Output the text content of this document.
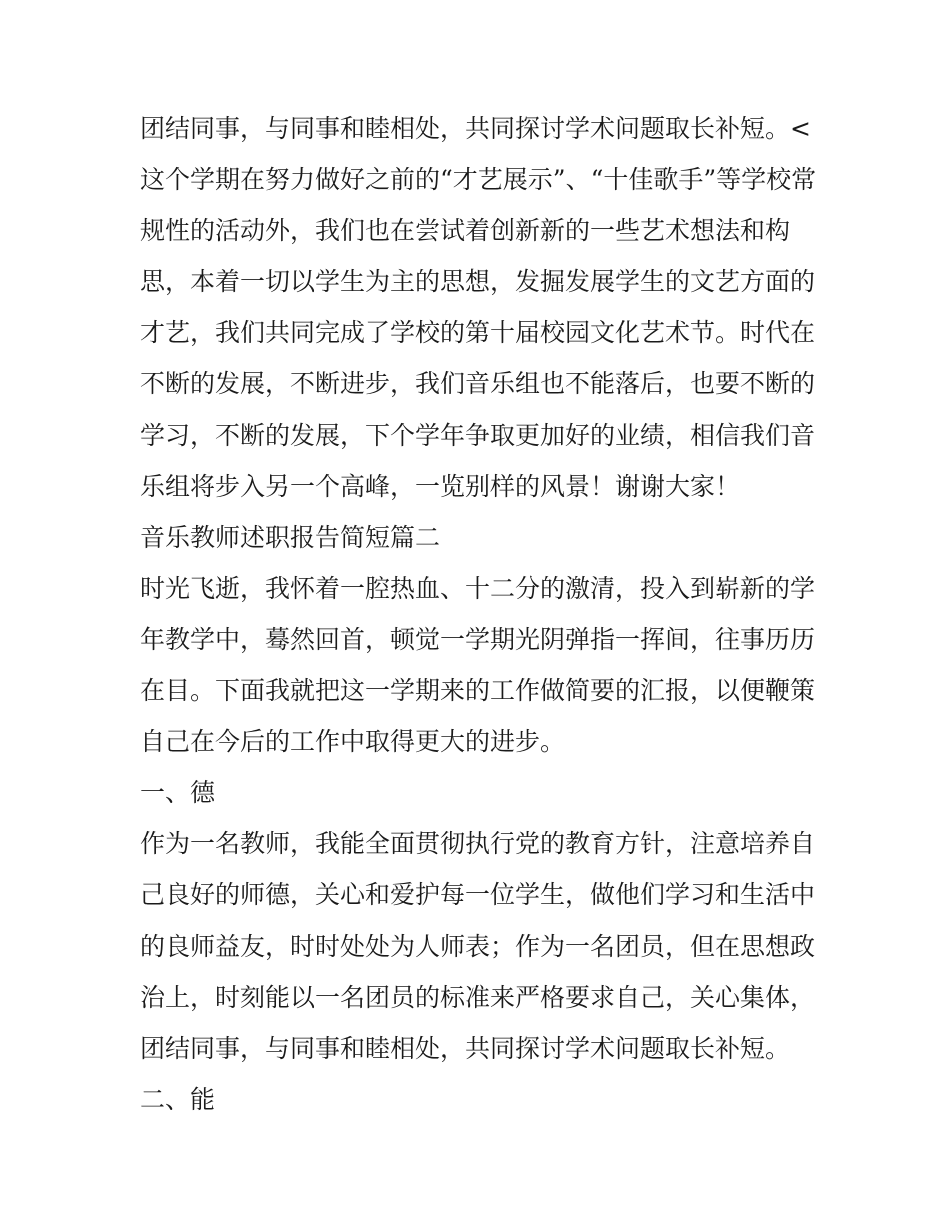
团结同事，与同事和睦相处，共同探讨学术问题取长补短。<
这个学期在努力做好之前的“才艺展示”、“十佳歌手”等学校常
规性的活动外，我们也在尝试着创新新的一些艺术想法和构
思，本着一切以学生为主的思想，发掘发展学生的文艺方面的
才艺，我们共同完成了学校的第十届校园文化艺术节。时代在
不断的发展，不断进步，我们音乐组也不能落后，也要不断的
学习，不断的发展，下个学年争取更加好的业绩，相信我们音
乐组将步入另一个高峰，一览别样的风景！谢谢大家！
音乐教师述职报告简短篇二
时光飞逝，我怀着一腔热血、十二分的激清，投入到崭新的学
年教学中，蓦然回首，顿觉一学期光阴弹指一挥间，往事历历
在目。下面我就把这一学期来的工作做简要的汇报，以便鞭策
自己在今后的工作中取得更大的进步。
一、德
作为一名教师，我能全面贯彻执行党的教育方针，注意培养自
己良好的师德，关心和爱护每一位学生，做他们学习和生活中
的良师益友，时时处处为人师表；作为一名团员，但在思想政
治上，时刻能以一名团员的标准来严格要求自己，关心集体，
团结同事，与同事和睦相处，共同探讨学术问题取长补短。
二、能
